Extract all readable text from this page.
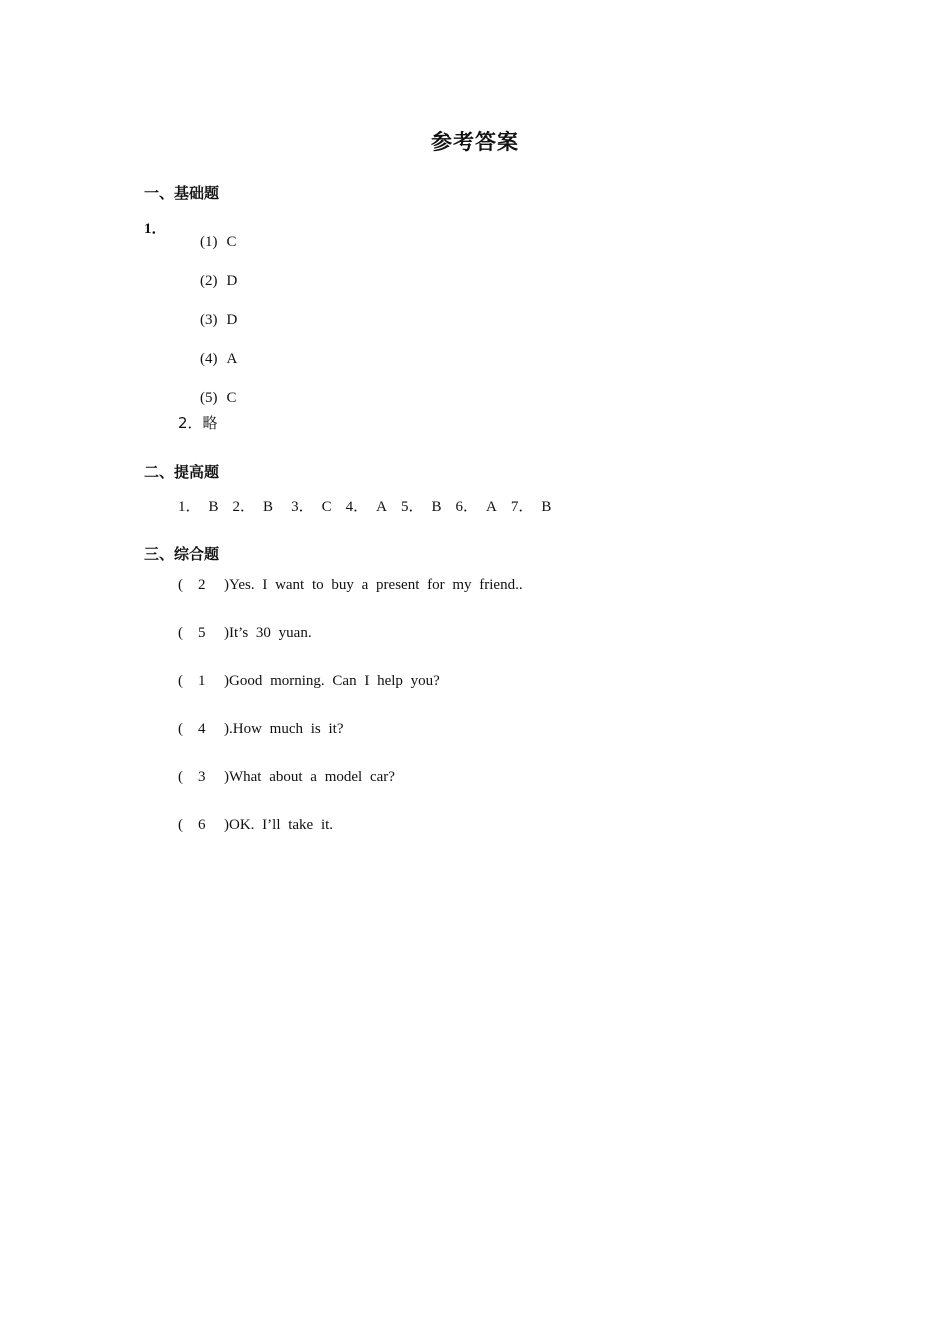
参考答案
一、基础题
1．

(1) C

(2) D

(3) D

(4) A

(5) C

2．略
二、提高题
1． B 2． B 3． C 4． A 5． B 6． A 7． B
三、综合题
( 2 )Yes. I want to buy a present for my friend..
( 5 )It’s 30 yuan.
( 1 )Good morning. Can I help you?
( 4 ).How much is it?
( 3 )What about a model car?
( 6 )OK. I’ll take it.
